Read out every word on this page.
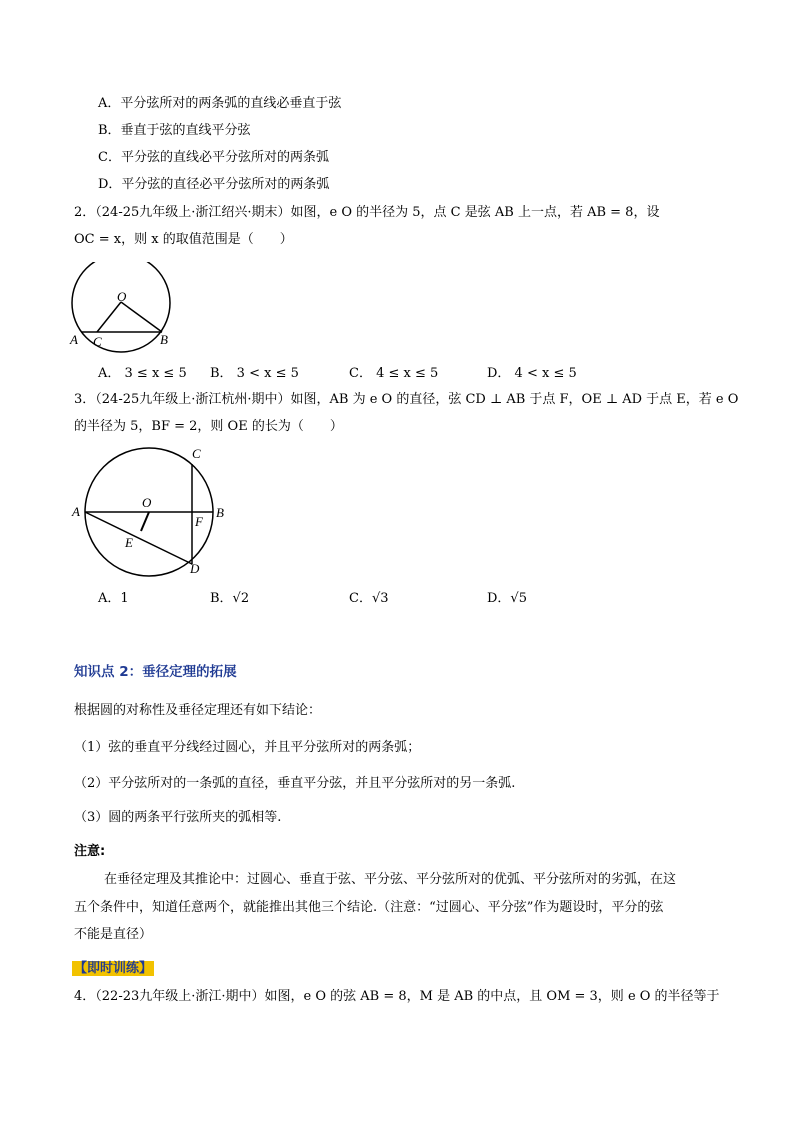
A．平分弦所对的两条弧的直线必垂直于弦
B．垂直于弦的直线平分弦
C．平分弦的直线必平分弦所对的两条弧
D．平分弦的直径必平分弦所对的两条弧
2．（24-25九年级上·浙江绍兴·期末）如图，e O 的半径为 5，点 C 是弦 AB 上一点，若 AB = 8，设
OC = x，则 x 的取值范围是（　　）
O
A C	B
A． 3 ≤ x ≤ 5 B． 3 < x ≤ 5	C． 4 ≤ x ≤ 5	D． 4 < x ≤ 5
3．（24-25九年级上·浙江杭州·期中）如图，AB 为 e O 的直径，弦 CD ⊥ AB 于点 F，OE ⊥ AD 于点 E，若 e O
的半径为 5，BF = 2，则 OE 的长为（　　）
C
O
A	B
F
E
D
A．1	B．√2	C．√3	D．√5
知识点 2：垂径定理的拓展
根据圆的对称性及垂径定理还有如下结论：
（1）弦的垂直平分线经过圆心，并且平分弦所对的两条弧；
（2）平分弦所对的一条弧的直径，垂直平分弦，并且平分弦所对的另一条弧.
（3）圆的两条平行弦所夹的弧相等.
注意:
在垂径定理及其推论中：过圆心、垂直于弦、平分弦、平分弦所对的优弧、平分弦所对的劣弧，在这
五个条件中，知道任意两个，就能推出其他三个结论.（注意：“过圆心、平分弦”作为题设时，平分的弦
不能是直径）
【即时训练】
4．（22-23九年级上·浙江·期中）如图，e O 的弦 AB = 8，M 是 AB 的中点，且 OM = 3，则 e O 的半径等于
